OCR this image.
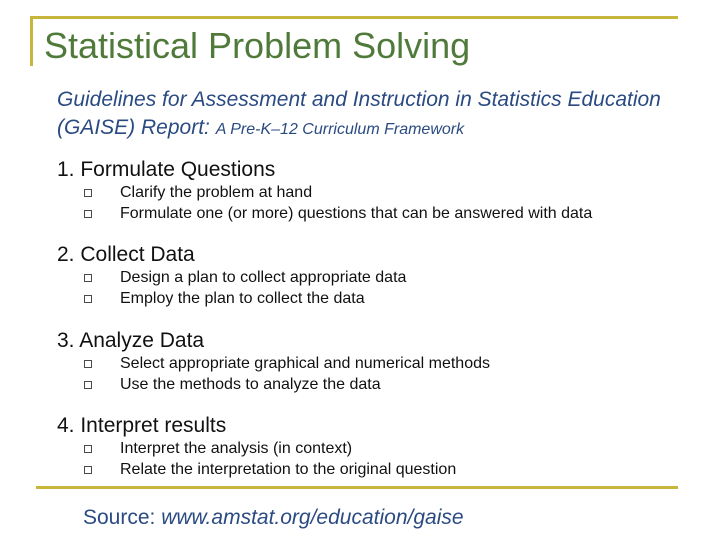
Statistical Problem Solving
Guidelines for Assessment and Instruction in Statistics Education (GAISE) Report: A Pre-K–12 Curriculum Framework
1. Formulate Questions
Clarify the problem at hand
Formulate one (or more) questions that can be answered with data
2. Collect Data
Design a plan to collect appropriate data
Employ the plan to collect the data
3. Analyze Data
Select appropriate graphical and numerical methods
Use the methods to analyze the data
4. Interpret results
Interpret the analysis (in context)
Relate the interpretation to the original question
Source: www.amstat.org/education/gaise
